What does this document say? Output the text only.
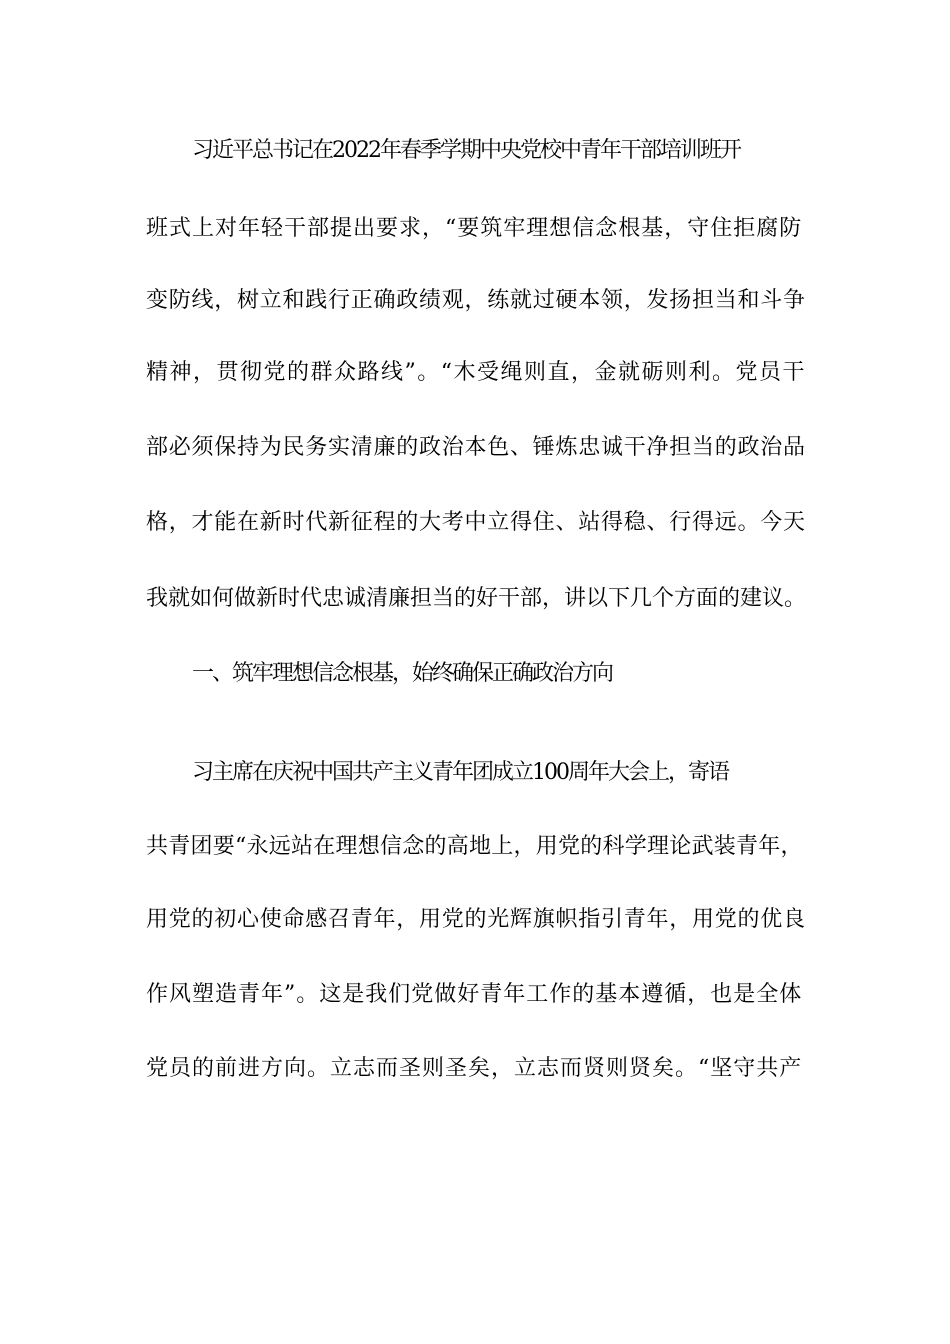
习近平总书记在2022年春季学期中央党校中青年干部培训班开
班式上对年轻干部提出要求，“要筑牢理想信念根基，守住拒腐防
变防线，树立和践行正确政绩观，练就过硬本领，发扬担当和斗争
精神，贯彻党的群众路线”。“木受绳则直，金就砺则利。党员干
部必须保持为民务实清廉的政治本色、锤炼忠诚干净担当的政治品
格，才能在新时代新征程的大考中立得住、站得稳、行得远。今天
我就如何做新时代忠诚清廉担当的好干部，讲以下几个方面的建议。
一、筑牢理想信念根基，始终确保正确政治方向
习主席在庆祝中国共产主义青年团成立100周年大会上，寄语
共青团要“永远站在理想信念的高地上，用党的科学理论武装青年，
用党的初心使命感召青年，用党的光辉旗帜指引青年，用党的优良
作风塑造青年”。这是我们党做好青年工作的基本遵循，也是全体
党员的前进方向。立志而圣则圣矣，立志而贤则贤矣。“坚守共产
